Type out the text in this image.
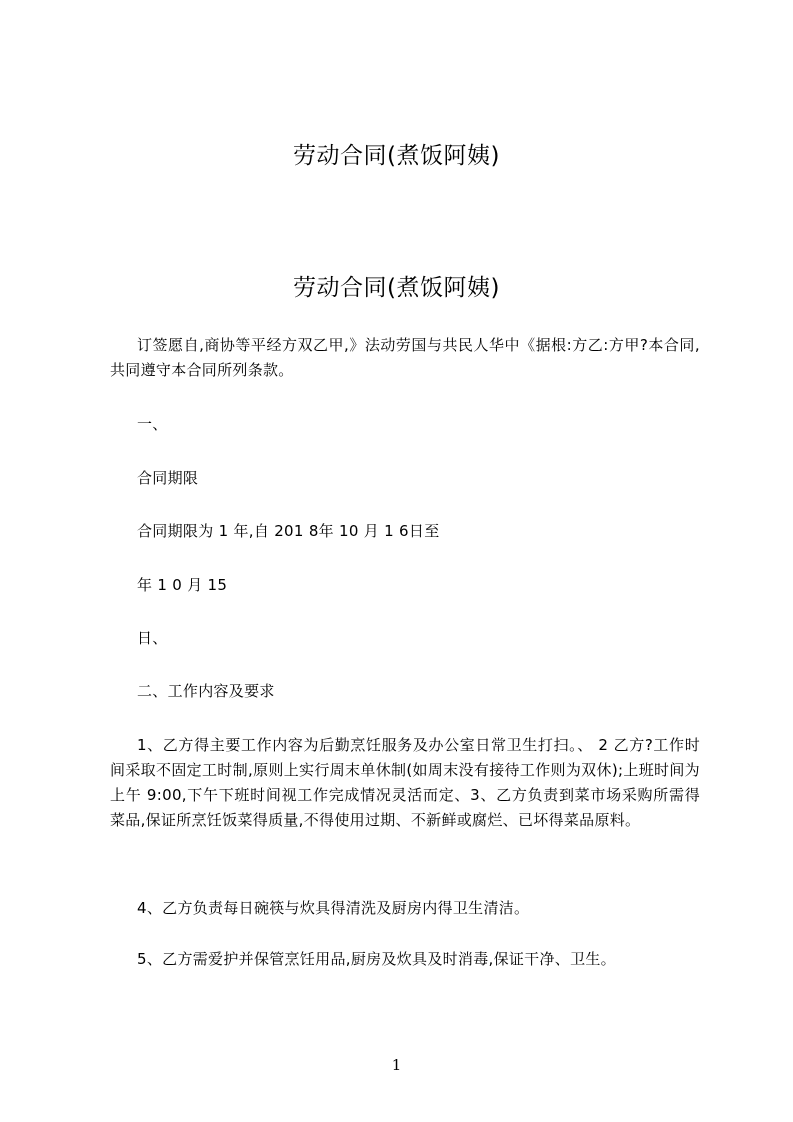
劳动合同(煮饭阿姨)
劳动合同(煮饭阿姨)
订签愿自,商协等平经方双乙甲,》法动劳国与共民人华中《据根:方乙:方甲?本合同,共同遵守本合同所列条款。
一、
合同期限
合同期限为 1 年,自 201 8年 10 月 1 6日至
年 1 0 月 15
日、
二、工作内容及要求
1、乙方得主要工作内容为后勤烹饪服务及办公室日常卫生打扫。、 2 乙方?工作时间采取不固定工时制,原则上实行周末单休制(如周末没有接待工作则为双休);上班时间为上午 9:00,下午下班时间视工作完成情况灵活而定、3、乙方负责到菜市场采购所需得菜品,保证所烹饪饭菜得质量,不得使用过期、不新鲜或腐烂、已坏得菜品原料。
4、乙方负责每日碗筷与炊具得清洗及厨房内得卫生清洁。
5、乙方需爱护并保管烹饪用品,厨房及炊具及时消毒,保证干净、卫生。
1
